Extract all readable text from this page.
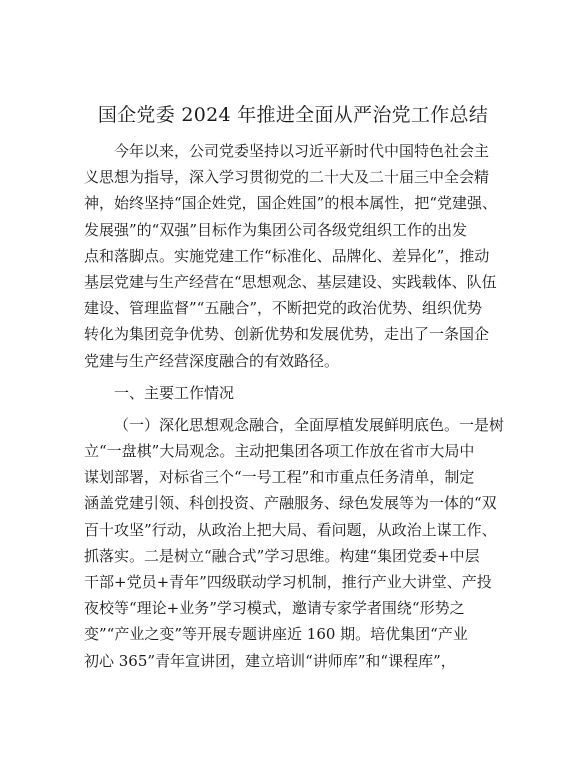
国企党委 2024 年推进全面从严治党工作总结
今年以来，公司党委坚持以习近平新时代中国特色社会主
义思想为指导，深入学习贯彻党的二十大及二十届三中全会精
神，始终坚持“国企姓党，国企姓国”的根本属性，把“党建强、
发展强”的“双强”目标作为集团公司各级党组织工作的出发
点和落脚点。实施党建工作“标准化、品牌化、差异化”，推动
基层党建与生产经营在“思想观念、基层建设、实践载体、队伍
建设、管理监督”“五融合”，不断把党的政治优势、组织优势
转化为集团竞争优势、创新优势和发展优势，走出了一条国企
党建与生产经营深度融合的有效路径。
一、主要工作情况
（一）深化思想观念融合，全面厚植发展鲜明底色。一是树
立“一盘棋”大局观念。主动把集团各项工作放在省市大局中
谋划部署，对标省三个“一号工程”和市重点任务清单，制定
涵盖党建引领、科创投资、产融服务、绿色发展等为一体的“双
百十攻坚”行动，从政治上把大局、看问题，从政治上谋工作、
抓落实。二是树立“融合式”学习思维。构建“集团党委+中层
干部+党员+青年”四级联动学习机制，推行产业大讲堂、产投
夜校等“理论+业务”学习模式，邀请专家学者围绕“形势之
变”“产业之变”等开展专题讲座近 160 期。培优集团“产业
初心 365”青年宣讲团，建立培训“讲师库”和“课程库”，
